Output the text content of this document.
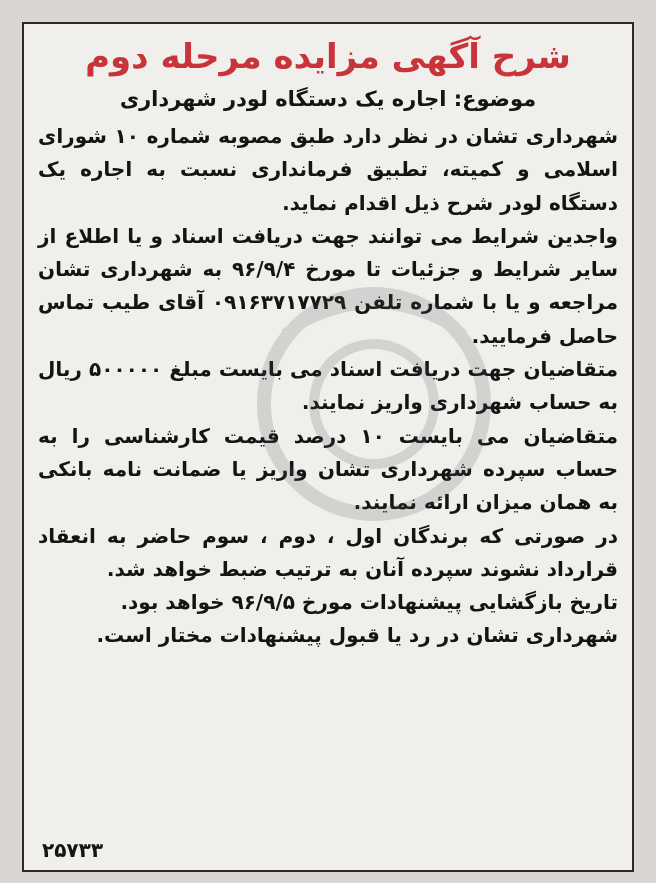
شرح آگهی مزایده مرحله دوم
موضوع: اجاره یک دستگاه لودر شهرداری

شهرداری تشان در نظر دارد طبق مصوبه شماره ۱۰ شورای اسلامی و کمیته، تطبیق فرمانداری نسبت به اجاره یک دستگاه لودر شرح ذیل اقدام نماید.

واجدین شرایط می توانند جهت دریافت اسناد و یا اطلاع از سایر شرایط و جزئیات تا مورخ ۹۶/۹/۴ به شهرداری تشان مراجعه و یا با شماره تلفن ۰۹۱۶۳۷۱۷۷۲۹ آقای طیب تماس حاصل فرمایید.

متقاضیان جهت دریافت اسناد می بایست مبلغ ۵۰۰۰۰۰ ریال به حساب شهرداری واریز نمایند.

متقاضیان می بایست ۱۰ درصد قیمت کارشناسی را به حساب سپرده شهرداری تشان واریز یا ضمانت نامه بانکی به همان میزان ارائه نمایند.

در صورتی که برندگان اول ، دوم ، سوم حاضر به انعقاد قرارداد نشوند سپرده آنان به ترتیب ضبط خواهد شد.

تاریخ بازگشایی پیشنهادات مورخ ۹۶/۹/۵ خواهد بود.

شهرداری تشان در رد یا قبول پیشنهادات مختار است.

۲۵۷۳۳
